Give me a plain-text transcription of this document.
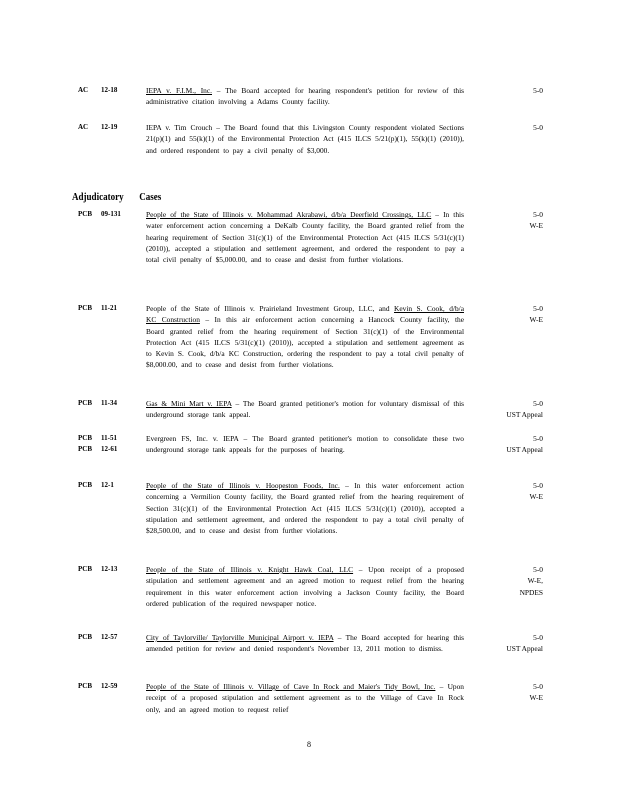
AC 12-18	IEPA v. F.I.M., Inc. – The Board accepted for hearing respondent's petition for review of this administrative citation involving a Adams County facility.
5-0
AC 12-19	IEPA v. Tim Crouch – The Board found that this Livingston County respondent violated Sections 21(p)(1) and 55(k)(1) of the Environmental Protection Act (415 ILCS 5/21(p)(1), 55(k)(1) (2010)), and ordered respondent to pay a civil penalty of $3,000.
5-0
Adjudicatory Cases
PCB 09-131	People of the State of Illinois v. Mohammad Akrabawi, d/b/a Deerfield Crossings, LLC – In this water enforcement action concerning a DeKalb County facility, the Board granted relief from the hearing requirement of Section 31(c)(1) of the Environmental Protection Act (415 ILCS 5/31(c)(1) (2010)), accepted a stipulation and settlement agreement, and ordered the respondent to pay a total civil penalty of $5,000.00, and to cease and desist from further violations.
5-0
W-E
PCB 11-21	People of the State of Illinois v. Prairieland Investment Group, LLC, and Kevin S. Cook, d/b/a KC Construction – In this air enforcement action concerning a Hancock County facility, the Board granted relief from the hearing requirement of Section 31(c)(1) of the Environmental Protection Act (415 ILCS 5/31(c)(1) (2010)), accepted a stipulation and settlement agreement as to Kevin S. Cook, d/b/a KC Construction, ordering the respondent to pay a total civil penalty of $8,000.00, and to cease and desist from further violations.
5-0
W-E
PCB 11-34	Gas & Mini Mart v. IEPA – The Board granted petitioner's motion for voluntary dismissal of this underground storage tank appeal.
5-0
UST Appeal
PCB 11-51
PCB 12-61
Evergreen FS, Inc. v. IEPA – The Board granted petitioner's motion to consolidate these two underground storage tank appeals for the purposes of hearing.
5-0
UST Appeal
PCB 12-1	People of the State of Illinois v. Hoopeston Foods, Inc. – In this water enforcement action concerning a Vermilion County facility, the Board granted relief from the hearing requirement of Section 31(c)(1) of the Environmental Protection Act (415 ILCS 5/31(c)(1) (2010)), accepted a stipulation and settlement agreement, and ordered the respondent to pay a total civil penalty of $28,500.00, and to cease and desist from further violations.
5-0
W-E
PCB 12-13	People of the State of Illinois v. Knight Hawk Coal, LLC – Upon receipt of a proposed stipulation and settlement agreement and an agreed motion to request relief from the hearing requirement in this water enforcement action involving a Jackson County facility, the Board ordered publication of the required newspaper notice.
5-0
W-E,
NPDES
PCB 12-57	City of Taylorville/ Taylorville Municipal Airport v. IEPA – The Board accepted for hearing this amended petition for review and denied respondent's November 13, 2011 motion to dismiss.
5-0
UST Appeal
PCB 12-59	People of the State of Illinois v. Village of Cave In Rock and Maier's Tidy Bowl, Inc. – Upon receipt of a proposed stipulation and settlement agreement as to the Village of Cave In Rock only, and an agreed motion to request relief
5-0
W-E
8
